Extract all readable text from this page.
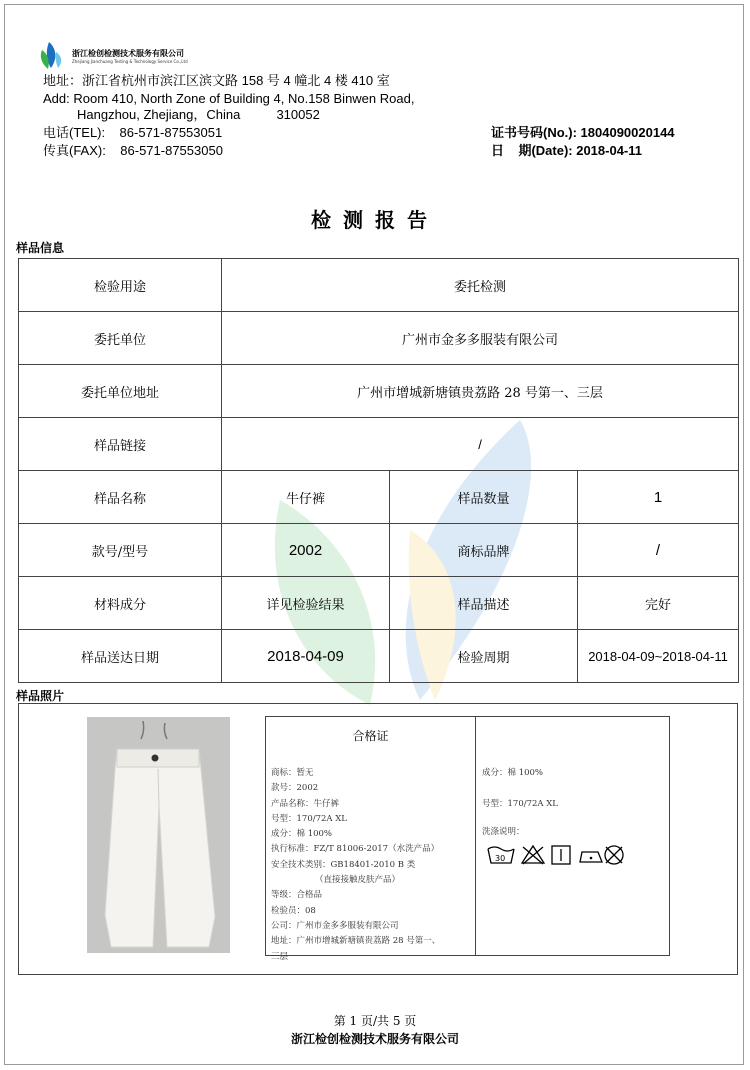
浙江检创检测技术服务有限公司
Zhejiang Jianchuang Testing & Technology Service Co.,Ltd
地址：浙江省杭州市滨江区滨文路 158 号 4 幢北 4 楼 410 室
Add: Room 410, North Zone of Building 4, No.158 Binwen Road,
Hangzhou, Zhejiang，China          310052
电话(TEL):    86-571-87553051
传真(FAX):    86-571-87553050
证书号码(No.): 1804090020144
日    期(Date): 2018-04-11
检测报告
样品信息
检验用途	委托检测		
委托单位	广州市金多多服装有限公司		
委托单位地址	广州市增城新塘镇贵荔路 28 号第一、三层		
样品链接	/		
样品名称	牛仔裤	样品数量	1
款号/型号	2002	商标品牌	/
材料成分	详见检验结果	样品描述	完好
样品送达日期	2018-04-09	检验周期	2018-04-09~2018-04-11
样品照片
合格证
商标：暂无
款号：2002
产品名称：牛仔裤
号型：170/72A XL
成分：棉 100%
执行标准：FZ/T 81006-2017（水洗产品）
安全技术类别：GB18401-2010 B 类
（直接接触皮肤产品）
等级：合格品
检验员：08
公司：广州市金多多服装有限公司
地址：广州市增城新塘镇贵荔路 28 号第一、
三层
成分：棉 100%
号型：170/72A XL
洗涤说明：
30
第 1 页/共 5 页
浙江检创检测技术服务有限公司
